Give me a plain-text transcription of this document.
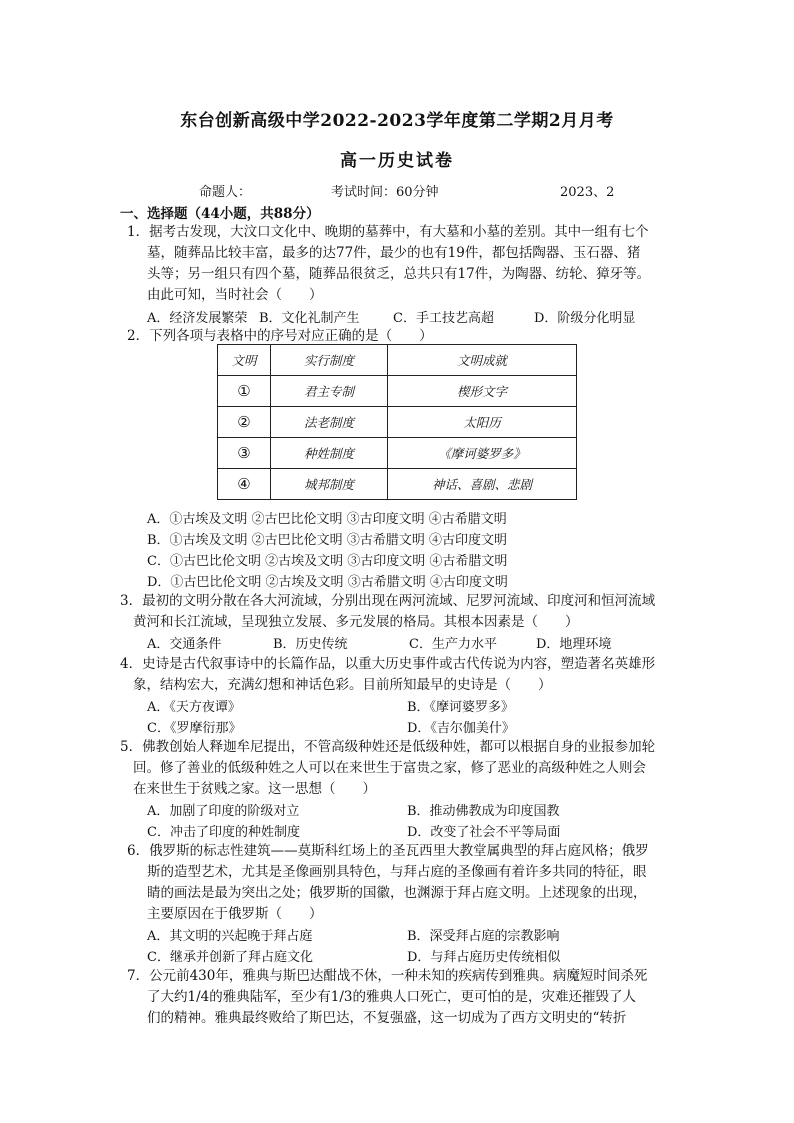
东台创新高级中学2022-2023学年度第二学期2月月考
高一历史试卷
命题人：	考试时间：60分钟	2023、2
一、选择题（44小题，共88分）
1．据考古发现，大汶口文化中、晚期的墓葬中，有大墓和小墓的差别。其中一组有七个
墓，随葬品比较丰富，最多的达77件，最少的也有19件，都包括陶器、玉石器、猪
头等；另一组只有四个墓，随葬品很贫乏，总共只有17件，为陶器、纺轮、獐牙等。
由此可知，当时社会（　　）
A．经济发展繁荣 B．文化礼制产生	C．手工技艺高超	D．阶级分化明显
2．下列各项与表格中的序号对应正确的是（　　）
文明	实行制度	文明成就
①	君主专制	楔形文字
②	法老制度	太阳历
③	种姓制度	《摩诃婆罗多》
④	城邦制度	神话、喜剧、悲剧
A．①古埃及文明 ②古巴比伦文明 ③古印度文明 ④古希腊文明
B．①古埃及文明 ②古巴比伦文明 ③古希腊文明 ④古印度文明
C．①古巴比伦文明 ②古埃及文明 ③古印度文明 ④古希腊文明
D．①古巴比伦文明 ②古埃及文明 ③古希腊文明 ④古印度文明
3．最初的文明分散在各大河流域，分别出现在两河流域、尼罗河流域、印度河和恒河流域
黄河和长江流域，呈现独立发展、多元发展的格局。其根本因素是（　　）
A．交通条件	B．历史传统	C．生产力水平	D．地理环境
4．史诗是古代叙事诗中的长篇作品，以重大历史事件或古代传说为内容，塑造著名英雄形
象，结构宏大，充满幻想和神话色彩。目前所知最早的史诗是（　　）
A．《天方夜谭》	B．《摩诃婆罗多》
C．《罗摩衍那》	D．《吉尔伽美什》
5．佛教创始人释迦牟尼提出，不管高级种姓还是低级种姓，都可以根据自身的业报参加轮
回。修了善业的低级种姓之人可以在来世生于富贵之家，修了恶业的高级种姓之人则会
在来世生于贫贱之家。这一思想（　　）
A．加剧了印度的阶级对立	B．推动佛教成为印度国教
C．冲击了印度的种姓制度	D．改变了社会不平等局面
6．俄罗斯的标志性建筑——莫斯科红场上的圣瓦西里大教堂属典型的拜占庭风格；俄罗
斯的造型艺术，尤其是圣像画别具特色，与拜占庭的圣像画有着许多共同的特征，眼
睛的画法是最为突出之处；俄罗斯的国徽，也渊源于拜占庭文明。上述现象的出现，
主要原因在于俄罗斯（　　）
A．其文明的兴起晚于拜占庭	B．深受拜占庭的宗教影响
C．继承并创新了拜占庭文化	D．与拜占庭历史传统相似
7．公元前430年，雅典与斯巴达酣战不休，一种未知的疾病传到雅典。病魔短时间杀死
了大约1/4的雅典陆军，至少有1/3的雅典人口死亡，更可怕的是，灾难还摧毁了人
们的精神。雅典最终败给了斯巴达，不复强盛，这一切成为了西方文明史的“转折
